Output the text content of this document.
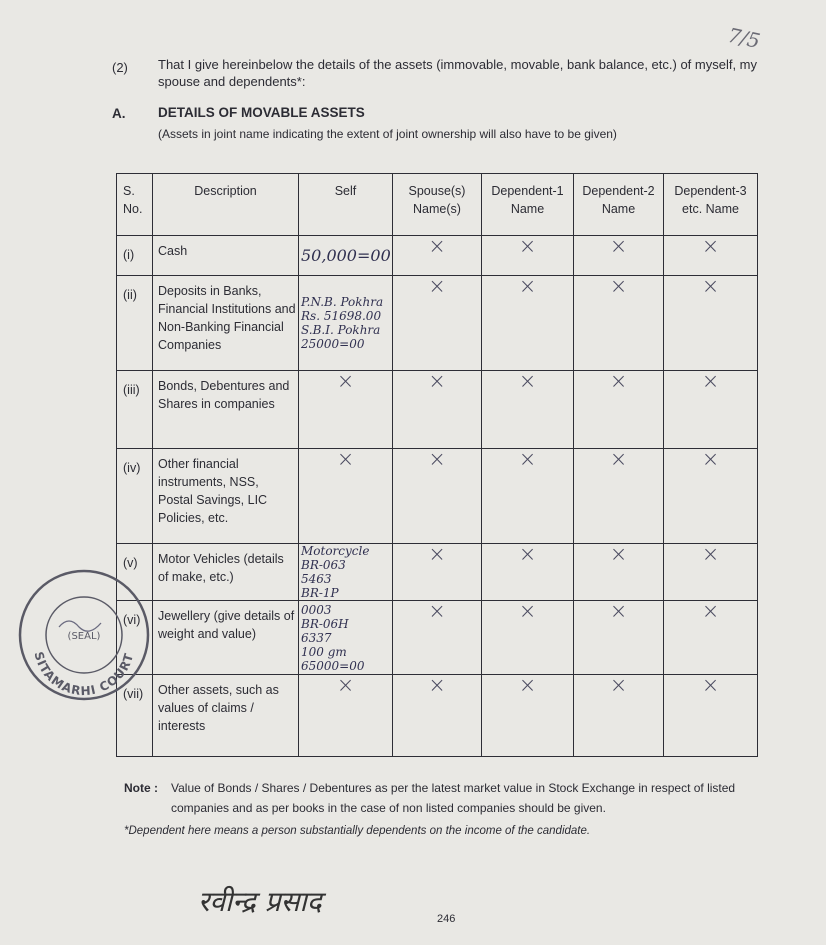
7/5
(2) That I give hereinbelow the details of the assets (immovable, movable, bank balance, etc.) of myself, my spouse and dependents*:
A. DETAILS OF MOVABLE ASSETS
(Assets in joint name indicating the extent of joint ownership will also have to be given)
S. No.	Description	Self	Spouse(s) Name(s)	Dependent-1 Name	Dependent-2 Name	Dependent-3 etc. Name
(i)	Cash	50,000=00	×	×	×	×
(ii)	Deposits in Banks, Financial Institutions and Non-Banking Financial Companies	P.N.B. Pokhra
Rs. 51698.00
S.B.I. Pokhra
25000=00	×	×	×	×
(iii)	Bonds, Debentures and Shares in companies	×	×	×	×	×
(iv)	Other financial instruments, NSS, Postal Savings, LIC Policies, etc.	×	×	×	×	×
(v)	Motor Vehicles (details of make, etc.)	Motorcycle
BR-063
5463
BR-1P	×	×	×	×
(vi)	Jewellery (give details of weight and value)	0003
BR-06H
6337
100 gm
65000=00	×	×	×	×
(vii)	Other assets, such as values of claims / interests	×	×	×	×	×
SITAMARHI COURT
(SEAL)
Note : Value of Bonds / Shares / Debentures as per the latest market value in Stock Exchange in respect of listed companies and as per books in the case of non listed companies should be given.
*Dependent here means a person substantially dependents on the income of the candidate.
रवीन्द्र प्रसाद
246
